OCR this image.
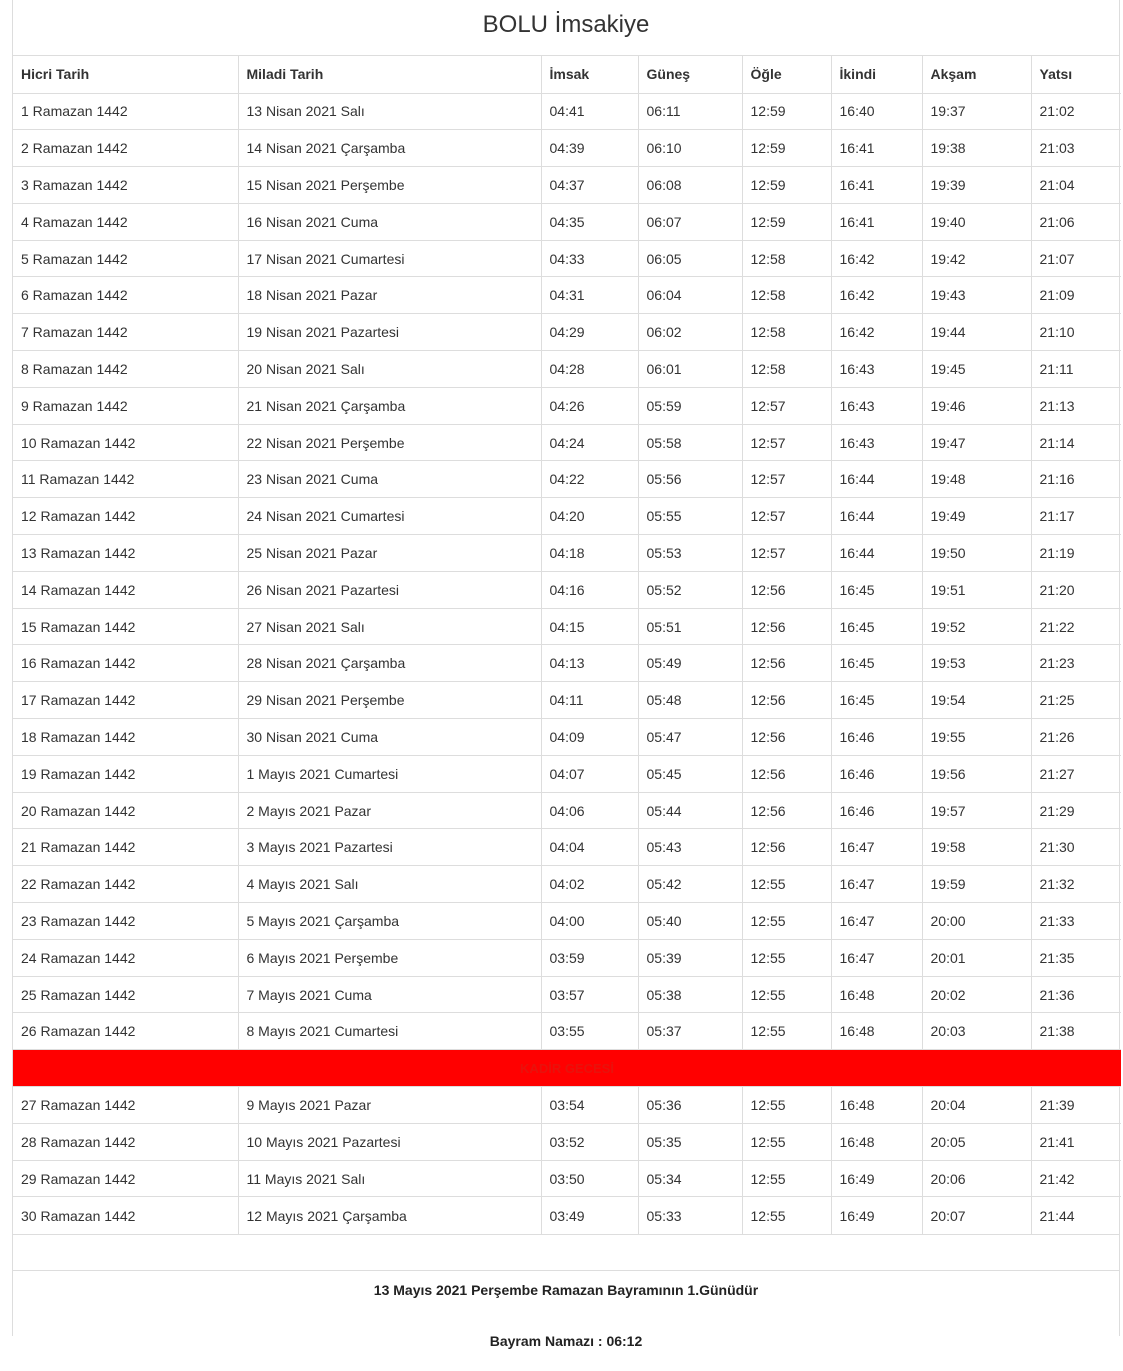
BOLU İmsakiye
Hicri Tarih	Miladi Tarih	İmsak	Güneş	Öğle	İkindi	Akşam	Yatsı
1 Ramazan 1442	13 Nisan 2021 Salı	04:41	06:11	12:59	16:40	19:37	21:02
2 Ramazan 1442	14 Nisan 2021 Çarşamba	04:39	06:10	12:59	16:41	19:38	21:03
3 Ramazan 1442	15 Nisan 2021 Perşembe	04:37	06:08	12:59	16:41	19:39	21:04
4 Ramazan 1442	16 Nisan 2021 Cuma	04:35	06:07	12:59	16:41	19:40	21:06
5 Ramazan 1442	17 Nisan 2021 Cumartesi	04:33	06:05	12:58	16:42	19:42	21:07
6 Ramazan 1442	18 Nisan 2021 Pazar	04:31	06:04	12:58	16:42	19:43	21:09
7 Ramazan 1442	19 Nisan 2021 Pazartesi	04:29	06:02	12:58	16:42	19:44	21:10
8 Ramazan 1442	20 Nisan 2021 Salı	04:28	06:01	12:58	16:43	19:45	21:11
9 Ramazan 1442	21 Nisan 2021 Çarşamba	04:26	05:59	12:57	16:43	19:46	21:13
10 Ramazan 1442	22 Nisan 2021 Perşembe	04:24	05:58	12:57	16:43	19:47	21:14
11 Ramazan 1442	23 Nisan 2021 Cuma	04:22	05:56	12:57	16:44	19:48	21:16
12 Ramazan 1442	24 Nisan 2021 Cumartesi	04:20	05:55	12:57	16:44	19:49	21:17
13 Ramazan 1442	25 Nisan 2021 Pazar	04:18	05:53	12:57	16:44	19:50	21:19
14 Ramazan 1442	26 Nisan 2021 Pazartesi	04:16	05:52	12:56	16:45	19:51	21:20
15 Ramazan 1442	27 Nisan 2021 Salı	04:15	05:51	12:56	16:45	19:52	21:22
16 Ramazan 1442	28 Nisan 2021 Çarşamba	04:13	05:49	12:56	16:45	19:53	21:23
17 Ramazan 1442	29 Nisan 2021 Perşembe	04:11	05:48	12:56	16:45	19:54	21:25
18 Ramazan 1442	30 Nisan 2021 Cuma	04:09	05:47	12:56	16:46	19:55	21:26
19 Ramazan 1442	1 Mayıs 2021 Cumartesi	04:07	05:45	12:56	16:46	19:56	21:27
20 Ramazan 1442	2 Mayıs 2021 Pazar	04:06	05:44	12:56	16:46	19:57	21:29
21 Ramazan 1442	3 Mayıs 2021 Pazartesi	04:04	05:43	12:56	16:47	19:58	21:30
22 Ramazan 1442	4 Mayıs 2021 Salı	04:02	05:42	12:55	16:47	19:59	21:32
23 Ramazan 1442	5 Mayıs 2021 Çarşamba	04:00	05:40	12:55	16:47	20:00	21:33
24 Ramazan 1442	6 Mayıs 2021 Perşembe	03:59	05:39	12:55	16:47	20:01	21:35
25 Ramazan 1442	7 Mayıs 2021 Cuma	03:57	05:38	12:55	16:48	20:02	21:36
26 Ramazan 1442	8 Mayıs 2021 Cumartesi	03:55	05:37	12:55	16:48	20:03	21:38
KADİR GECESİ							
27 Ramazan 1442	9 Mayıs 2021 Pazar	03:54	05:36	12:55	16:48	20:04	21:39
28 Ramazan 1442	10 Mayıs 2021 Pazartesi	03:52	05:35	12:55	16:48	20:05	21:41
29 Ramazan 1442	11 Mayıs 2021 Salı	03:50	05:34	12:55	16:49	20:06	21:42
30 Ramazan 1442	12 Mayıs 2021 Çarşamba	03:49	05:33	12:55	16:49	20:07	21:44
13 Mayıs 2021 Perşembe Ramazan Bayramının 1.Günüdür
Bayram Namazı : 06:12
